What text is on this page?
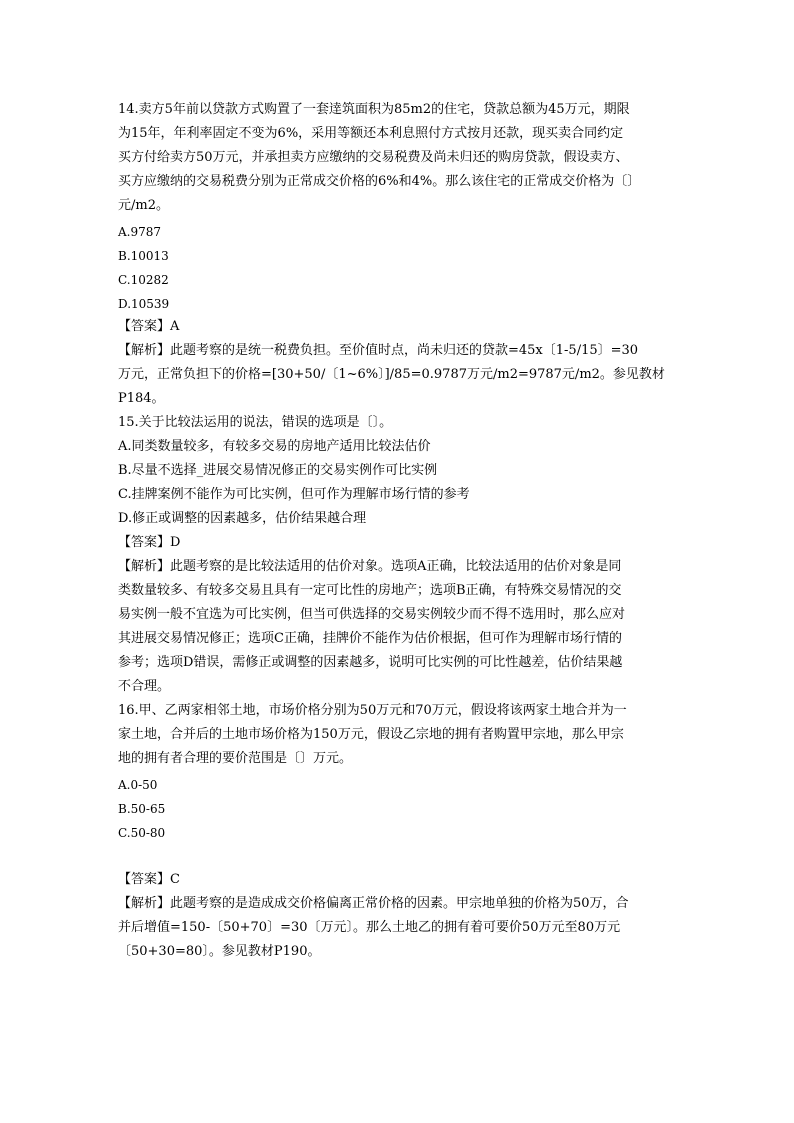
14.卖方5年前以贷款方式购置了一套逹筑面积为85m2的住宅，贷款总额为45万元，期限
为15年，年利率固定不变为6%，采用等额还本利息照付方式按月还款，现买卖合同约定
买方付给卖方50万元，并承担卖方应缴纳的交易税费及尚未归还的购房贷款，假设卖方、
买方应缴纳的交易税费分别为正常成交价格的6%和4%。那么该住宅的正常成交价格为〔〕
元/m2。
A.9787
B.10013
C.10282
D.10539
【答案】A
【解析】此题考察的是统一税费负担。至价值时点，尚未归还的贷款=45x〔1-5/15〕=30
万元，正常负担下的价格=[30+50/〔1~6%〕]/85=0.9787万元/m2=9787元/m2。参见教材
P184。
15.关于比较法运用的说法，错误的选项是〔〕。
A.同类数量较多，有较多交易的房地产适用比较法估价
B.尽量不选择_进展交易情况修正的交易实例作可比实例
C.挂牌案例不能作为可比实例，但可作为理解市场行情的参考
D.修正或调整的因素越多，估价结果越合理
【答案】D
【解析】此题考察的是比较法适用的估价对象。选项A正确，比较法适用的估价对象是同
类数量较多、有较多交易且具有一定可比性的房地产；选项B正确，有特殊交易情况的交
易实例一般不宜选为可比实例，但当可供选择的交易实例较少而不得不选用时，那么应对
其进展交易情况修正；选项C正确，挂牌价不能作为估价根据，但可作为理解市场行情的
参考；选项D错误，需修正或调整的因素越多，说明可比实例的可比性越差，估价结果越
不合理。
16.甲、乙两家相邻土地，市场价格分别为50万元和70万元，假设将该两家土地合并为一
家土地，合并后的土地市场价格为150万元，假设乙宗地的拥有者购置甲宗地，那么甲宗
地的拥有者合理的要价范围是〔〕万元。
A.0-50
B.50-65
C.50-80
【答案】C
【解析】此题考察的是造成成交价格偏离正常价格的因素。甲宗地单独的价格为50万，合
并后增值=150-〔50+70〕=30〔万元〕。那么土地乙的拥有着可要价50万元至80万元
〔50+30=80〕。参见教材P190。
